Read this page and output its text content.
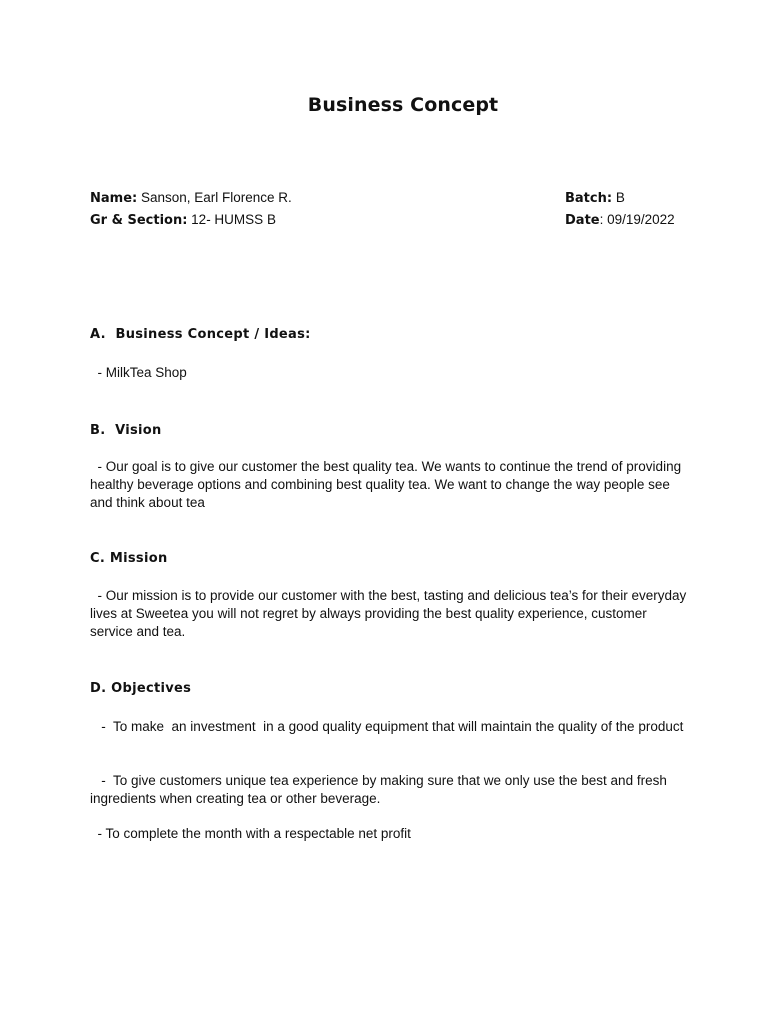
Business Concept
Name: Sanson, Earl Florence R.	Batch: B
Gr & Section: 12- HUMSS B	Date: 09/19/2022
A.  Business Concept / Ideas:
- MilkTea Shop
B.  Vision
- Our goal is to give our customer the best quality tea. We wants to continue the trend of providing healthy beverage options and combining best quality tea. We want to change the way people see and think about tea
C. Mission
- Our mission is to provide our customer with the best, tasting and delicious tea’s for their everyday lives at Sweetea you will not regret by always providing the best quality experience, customer service and tea.
D. Objectives
-  To make  an investment  in a good quality equipment that will maintain the quality of the product
-  To give customers unique tea experience by making sure that we only use the best and fresh ingredients when creating tea or other beverage.
- To complete the month with a respectable net profit
